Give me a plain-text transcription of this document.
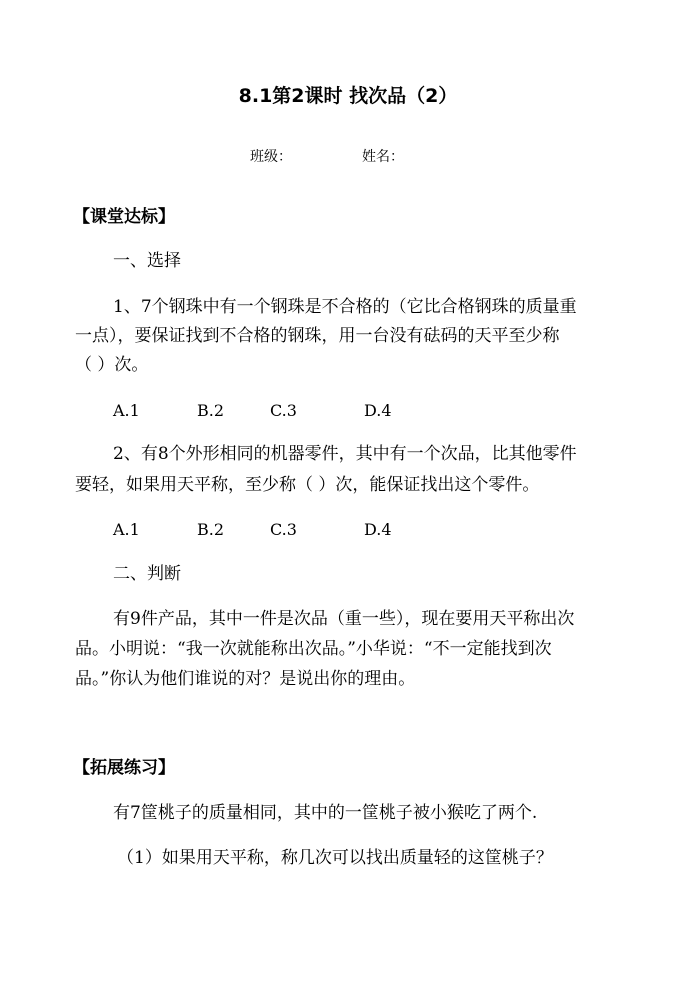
8.1第2课时 找次品（2）
班级：	姓名：
【课堂达标】
一、选择
1、7个钢珠中有一个钢珠是不合格的（它比合格钢珠的质量重
一点），要保证找到不合格的钢珠，用一台没有砝码的天平至少称
（ ）次。
A.1	B.2	C.3	D.4
2、有8个外形相同的机器零件，其中有一个次品，比其他零件
要轻，如果用天平称，至少称（ ）次，能保证找出这个零件。
A.1	B.2	C.3	D.4
二、判断
有9件产品，其中一件是次品（重一些），现在要用天平称出次
品。小明说：“我一次就能称出次品。”小华说：“不一定能找到次
品。”你认为他们谁说的对？是说出你的理由。
【拓展练习】
有7筐桃子的质量相同，其中的一筐桃子被小猴吃了两个.
（1）如果用天平称，称几次可以找出质量轻的这筐桃子？
